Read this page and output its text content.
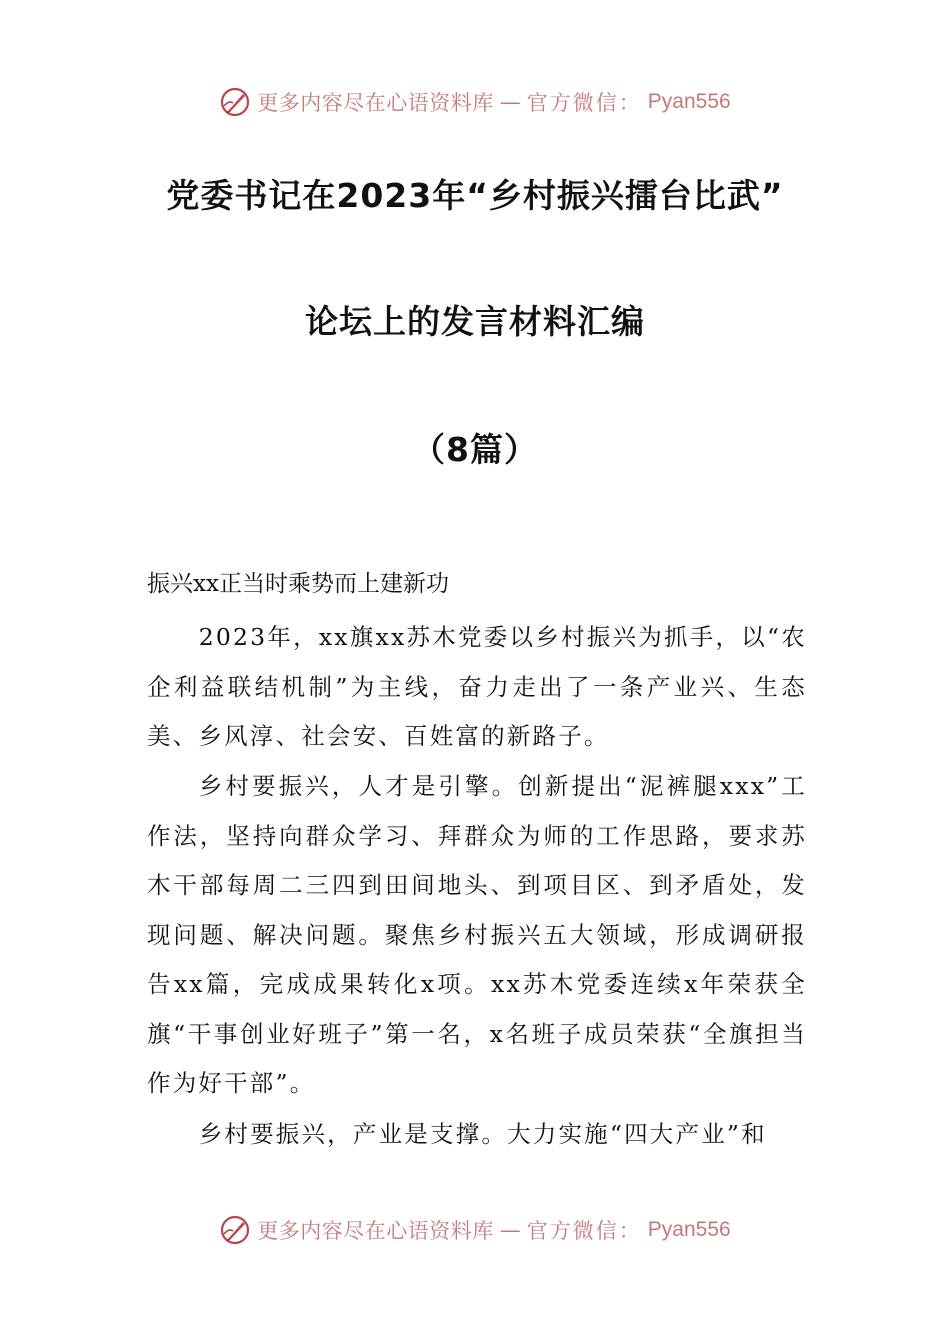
更多内容尽在心语资料库 — 官方微信： Pyan556
党委书记在2023年“乡村振兴擂台比武”
论坛上的发言材料汇编
（8篇）
振兴xx正当时乘势而上建新功

2023年，xx旗xx苏木党委以乡村振兴为抓手，以“农企利益联结机制”为主线，奋力走出了一条产业兴、生态美、乡风淳、社会安、百姓富的新路子。

乡村要振兴，人才是引擎。创新提出“泥裤腿xxx”工作法，坚持向群众学习、拜群众为师的工作思路，要求苏木干部每周二三四到田间地头、到项目区、到矛盾处，发现问题、解决问题。聚焦乡村振兴五大领域，形成调研报告xx篇，完成成果转化x项。xx苏木党委连续x年荣获全旗“干事创业好班子”第一名，x名班子成员荣获“全旗担当作为好干部”。

乡村要振兴，产业是支撑。大力实施“四大产业”和

更多内容尽在心语资料库 — 官方微信： Pyan556
